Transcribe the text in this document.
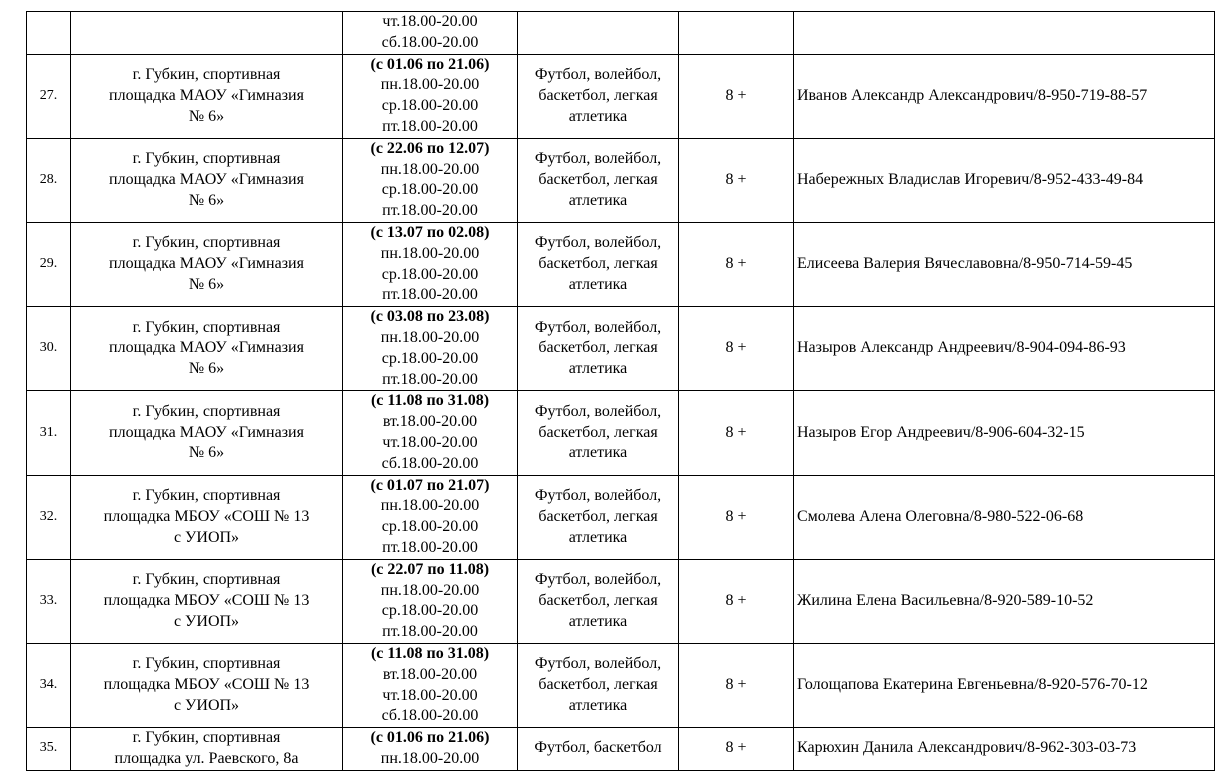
		чт.18.00-20.00
сб.18.00-20.00			

27.	г. Губкин, спортивная
площадка МАОУ «Гимназия
№ 6»	(с 01.06 по 21.06)
пн.18.00-20.00
ср.18.00-20.00
пт.18.00-20.00	Футбол, волейбол,
баскетбол, легкая
атлетика	8 +	Иванов Александр Александрович/8-950-719-88-57
28.	г. Губкин, спортивная
площадка МАОУ «Гимназия
№ 6»	(с 22.06 по 12.07)
пн.18.00-20.00
ср.18.00-20.00
пт.18.00-20.00	Футбол, волейбол,
баскетбол, легкая
атлетика	8 +	Набережных Владислав Игоревич/8-952-433-49-84
29.	г. Губкин, спортивная
площадка МАОУ «Гимназия
№ 6»	(с 13.07 по 02.08)
пн.18.00-20.00
ср.18.00-20.00
пт.18.00-20.00	Футбол, волейбол,
баскетбол, легкая
атлетика	8 +	Елисеева Валерия Вячеславовна/8-950-714-59-45
30.	г. Губкин, спортивная
площадка МАОУ «Гимназия
№ 6»	(с 03.08 по 23.08)
пн.18.00-20.00
ср.18.00-20.00
пт.18.00-20.00	Футбол, волейбол,
баскетбол, легкая
атлетика	8 +	Назыров Александр Андреевич/8-904-094-86-93
31.	г. Губкин, спортивная
площадка МАОУ «Гимназия
№ 6»	(с 11.08 по 31.08)
вт.18.00-20.00
чт.18.00-20.00
сб.18.00-20.00	Футбол, волейбол,
баскетбол, легкая
атлетика	8 +	Назыров Егор Андреевич/8-906-604-32-15
32.	г. Губкин, спортивная
площадка МБОУ «СОШ № 13
с УИОП»	(с 01.07 по 21.07)
пн.18.00-20.00
ср.18.00-20.00
пт.18.00-20.00	Футбол, волейбол,
баскетбол, легкая
атлетика	8 +	Смолева Алена Олеговна/8-980-522-06-68
33.	г. Губкин, спортивная
площадка МБОУ «СОШ № 13
с УИОП»	(с 22.07 по 11.08)
пн.18.00-20.00
ср.18.00-20.00
пт.18.00-20.00	Футбол, волейбол,
баскетбол, легкая
атлетика	8 +	Жилина Елена Васильевна/8-920-589-10-52
34.	г. Губкин, спортивная
площадка МБОУ «СОШ № 13
с УИОП»	(с 11.08 по 31.08)
вт.18.00-20.00
чт.18.00-20.00
сб.18.00-20.00	Футбол, волейбол,
баскетбол, легкая
атлетика	8 +	Голощапова Екатерина Евгеньевна/8-920-576-70-12
35.	г. Губкин, спортивная
площадка ул. Раевского, 8а	(с 01.06 по 21.06)
пн.18.00-20.00	Футбол, баскетбол	8 +	Карюхин Данила Александрович/8-962-303-03-73
